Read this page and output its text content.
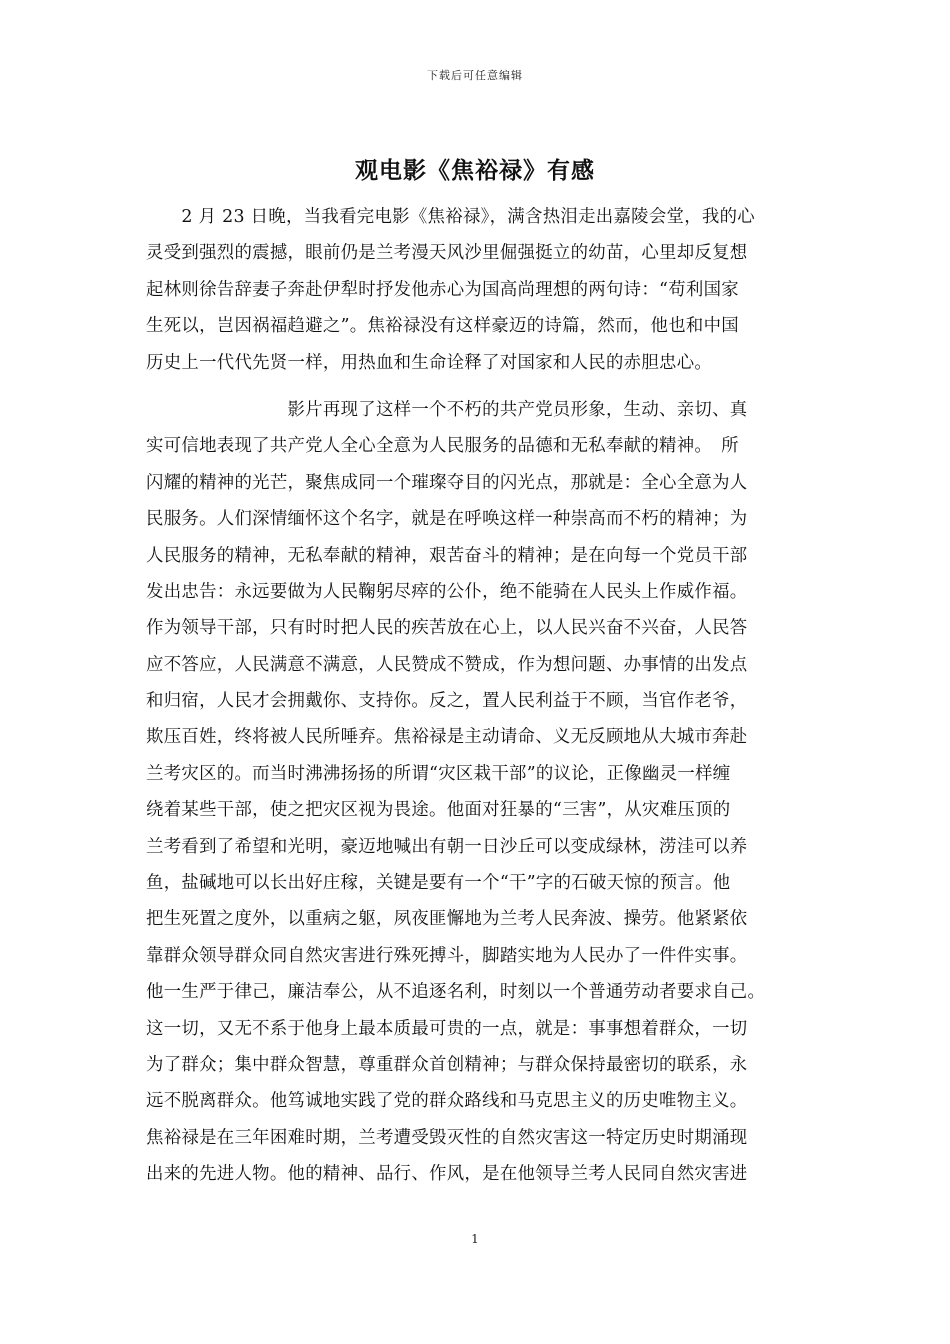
下载后可任意编辑
观电影《焦裕禄》有感
　　2 月 23 日晚，当我看完电影《焦裕禄》，满含热泪走出嘉陵会堂，我的心
灵受到强烈的震撼，眼前仍是兰考漫天风沙里倔强挺立的幼苗，心里却反复想
起林则徐告辞妻子奔赴伊犁时抒发他赤心为国高尚理想的两句诗：“苟利国家
生死以，岂因祸福趋避之”。焦裕禄没有这样豪迈的诗篇，然而，他也和中国
历史上一代代先贤一样，用热血和生命诠释了对国家和人民的赤胆忠心。
　　　　　　　　影片再现了这样一个不朽的共产党员形象，生动、亲切、真
实可信地表现了共产党人全心全意为人民服务的品德和无私奉献的精神。　所
闪耀的精神的光芒，聚焦成同一个璀璨夺目的闪光点，那就是：全心全意为人
民服务。人们深情缅怀这个名字，就是在呼唤这样一种崇高而不朽的精神；为
人民服务的精神，无私奉献的精神，艰苦奋斗的精神；是在向每一个党员干部
发出忠告：永远要做为人民鞠躬尽瘁的公仆，绝不能骑在人民头上作威作福。
作为领导干部，只有时时把人民的疾苦放在心上，以人民兴奋不兴奋，人民答
应不答应，人民满意不满意，人民赞成不赞成，作为想问题、办事情的出发点
和归宿，人民才会拥戴你、支持你。反之，置人民利益于不顾，当官作老爷，
欺压百姓，终将被人民所唾弃。焦裕禄是主动请命、义无反顾地从大城市奔赴
兰考灾区的。而当时沸沸扬扬的所谓“灾区栽干部”的议论，正像幽灵一样缠
绕着某些干部，使之把灾区视为畏途。他面对狂暴的“三害”，从灾难压顶的
兰考看到了希望和光明，豪迈地喊出有朝一日沙丘可以变成绿林，涝洼可以养
鱼，盐碱地可以长出好庄稼，关键是要有一个“干”字的石破天惊的预言。他
把生死置之度外，以重病之躯，夙夜匪懈地为兰考人民奔波、操劳。他紧紧依
靠群众领导群众同自然灾害进行殊死搏斗，脚踏实地为人民办了一件件实事。
他一生严于律己，廉洁奉公，从不追逐名利，时刻以一个普通劳动者要求自己。
这一切，又无不系于他身上最本质最可贵的一点，就是：事事想着群众，一切
为了群众；集中群众智慧，尊重群众首创精神；与群众保持最密切的联系，永
远不脱离群众。他笃诚地实践了党的群众路线和马克思主义的历史唯物主义。
焦裕禄是在三年困难时期，兰考遭受毁灭性的自然灾害这一特定历史时期涌现
出来的先进人物。他的精神、品行、作风，是在他领导兰考人民同自然灾害进
1
